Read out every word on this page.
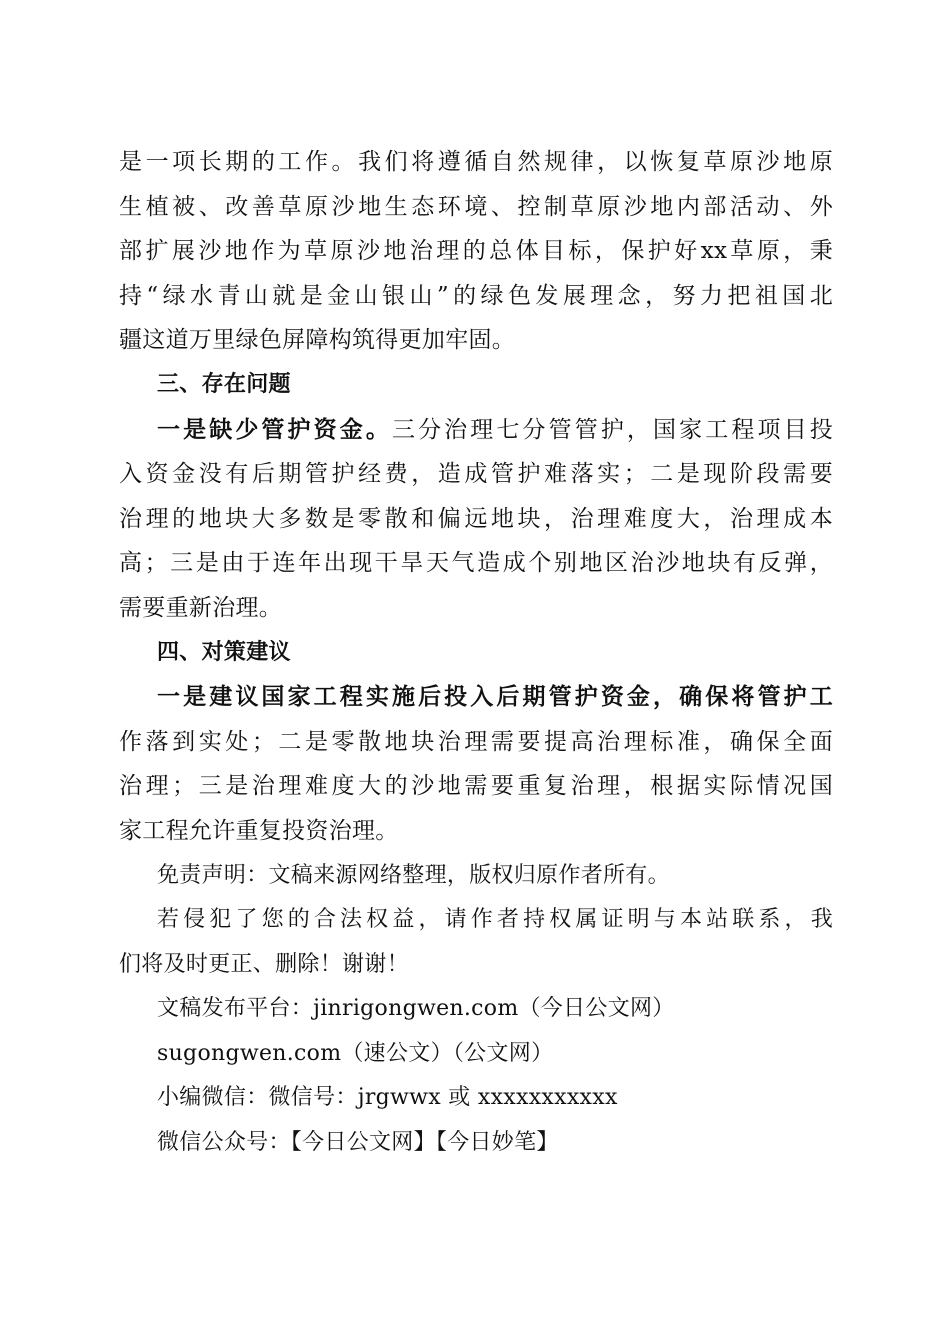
是一项长期的工作。我们将遵循自然规律，以恢复草原沙地原
生植被、改善草原沙地生态环境、控制草原沙地内部活动、外
部扩展沙地作为草原沙地治理的总体目标，保护好xx草原，秉
持“绿水青山就是金山银山”的绿色发展理念，努力把祖国北
疆这道万里绿色屏障构筑得更加牢固。
三、存在问题
一是缺少管护资金。三分治理七分管管护，国家工程项目投
入资金没有后期管护经费，造成管护难落实；二是现阶段需要
治理的地块大多数是零散和偏远地块，治理难度大，治理成本
高；三是由于连年出现干旱天气造成个别地区治沙地块有反弹，
需要重新治理。
四、对策建议
一是建议国家工程实施后投入后期管护资金，确保将管护工
作落到实处；二是零散地块治理需要提高治理标准，确保全面
治理；三是治理难度大的沙地需要重复治理，根据实际情况国
家工程允许重复投资治理。
免责声明：文稿来源网络整理，版权归原作者所有。
若侵犯了您的合法权益，请作者持权属证明与本站联系，我
们将及时更正、删除！谢谢！
文稿发布平台：jinrigongwen.com（今日公文网）
sugongwen.com（速公文）（公文网）
小编微信：微信号：jrgwwx 或 xxxxxxxxxxx
微信公众号：【今日公文网】【今日妙笔】
